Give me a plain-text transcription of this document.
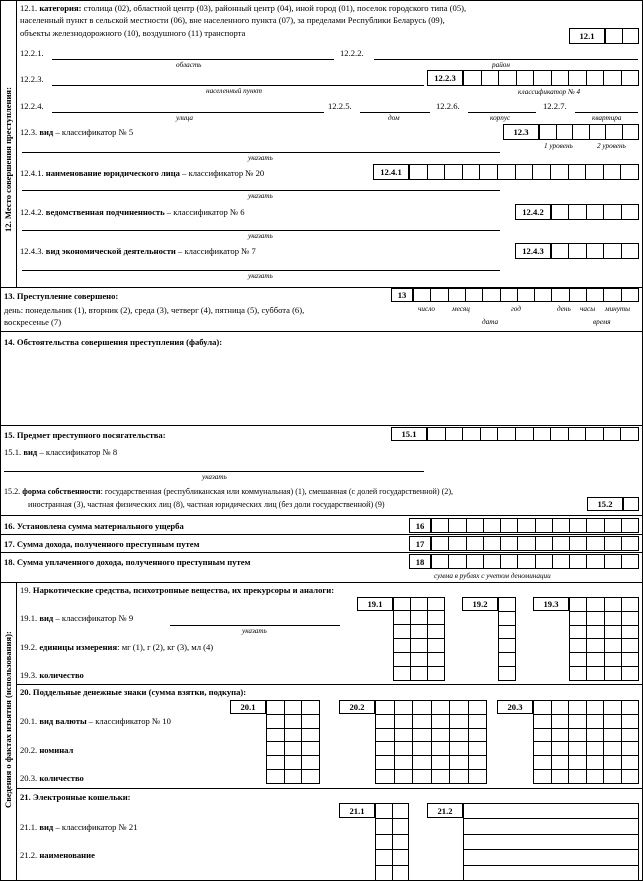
12. Место совершения преступления:
12.1. категория: столица (02), областной центр (03), районный центр (04), иной город (01), поселок городского типа (05),
населенный пункт в сельской местности (06), вне населенного пункта (07), за пределами Республики Беларусь (09),
объекты железнодорожного (10), воздушного (11) транспорта	12.1
12.2.1.
область
12.2.2.
район
12.2.3.
населенный пункт
12.2.3
классификатор № 4
12.2.4.
улица
12.2.5.
дом
12.2.6.
корпус
12.2.7.
квартира
12.3. вид – классификатор № 5	12.3
1 уровень	2 уровень
указать
12.4.1. наименование юридического лица – классификатор № 20	12.4.1
указать
12.4.2. ведомственная подчиненность – классификатор № 6	12.4.2
указать
12.4.3. вид экономической деятельности – классификатор № 7	12.4.3
указать
13. Преступление совершено:
день: понедельник (1), вторник (2), среда (3), четверг (4), пятница (5), суббота (6),
воскресенье (7)
13
число месяц	год	день часы минуты
дата	время
14. Обстоятельства совершения преступления (фабула):
15. Предмет преступного посягательства:	15.1
15.1. вид – классификатор № 8
указать
15.2. форма собственности: государственная (республиканская или коммунальная) (1), смешанная (с долей государственной) (2),
иностранная (3), частная физических лиц (8), частная юридических лиц (без доли государственной) (9)	15.2
16. Установлена сумма материального ущерба	16
17. Сумма дохода, полученного преступным путем	17
18. Сумма уплаченного дохода, полученного преступным путем	18
сумма в рублях с учетом деноминации
Сведения о фактах изъятия (использования):
19. Наркотические средства, психотропные вещества, их прекурсоры и аналоги:
19.1	19.2	19.3
19.1. вид – классификатор № 9
указать
19.2. единицы измерения: мг (1), г (2), кг (3), мл (4)
19.3. количество
20. Поддельные денежные знаки (сумма взятки, подкупа):
20.1	20.2	20.3
20.1. вид валюты – классификатор № 10
20.2. номинал
20.3. количество
21. Электронные кошельки:
21.1	21.2
21.1. вид – классификатор № 21
21.2. наименование
